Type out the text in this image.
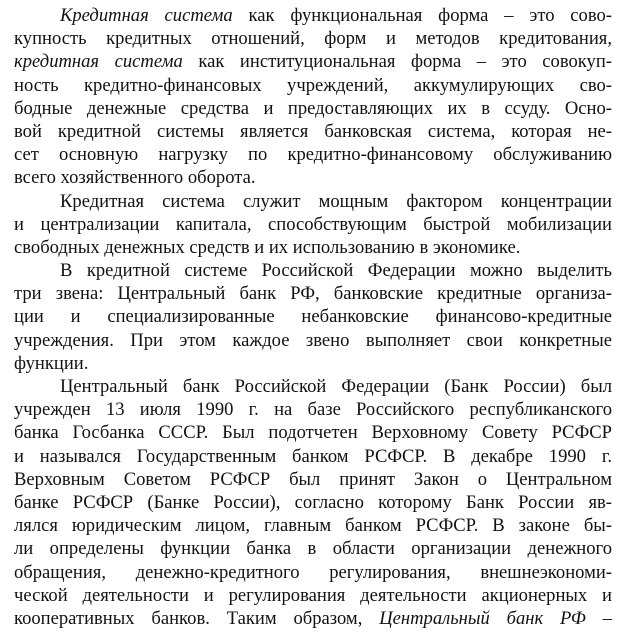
Кредитная система как функциональная форма – это сово-
купность кредитных отношений, форм и методов кредитования,
кредитная система как институциональная форма – это совокуп-
ность кредитно-финансовых учреждений, аккумулирующих сво-
бодные денежные средства и предоставляющих их в ссуду. Осно-
вой кредитной системы является банковская система, которая не-
сет основную нагрузку по кредитно-финансовому обслуживанию
всего хозяйственного оборота.
Кредитная система служит мощным фактором концентрации
и централизации капитала, способствующим быстрой мобилизации
свободных денежных средств и их использованию в экономике.
В кредитной системе Российской Федерации можно выделить
три звена: Центральный банк РФ, банковские кредитные организа-
ции и специализированные небанковские финансово-кредитные
учреждения. При этом каждое звено выполняет свои конкретные
функции.
Центральный банк Российской Федерации (Банк России) был
учрежден 13 июля 1990 г. на базе Российского республиканского
банка Госбанка СССР. Был подотчетен Верховному Совету РСФСР
и назывался Государственным банком РСФСР. В декабре 1990 г.
Верховным Советом РСФСР был принят Закон о Центральном
банке РСФСР (Банке России), согласно которому Банк России яв-
лялся юридическим лицом, главным банком РСФСР. В законе бы-
ли определены функции банка в области организации денежного
обращения, денежно-кредитного регулирования, внешнеэкономи-
ческой деятельности и регулирования деятельности акционерных и
кооперативных банков. Таким образом, Центральный банк РФ –
